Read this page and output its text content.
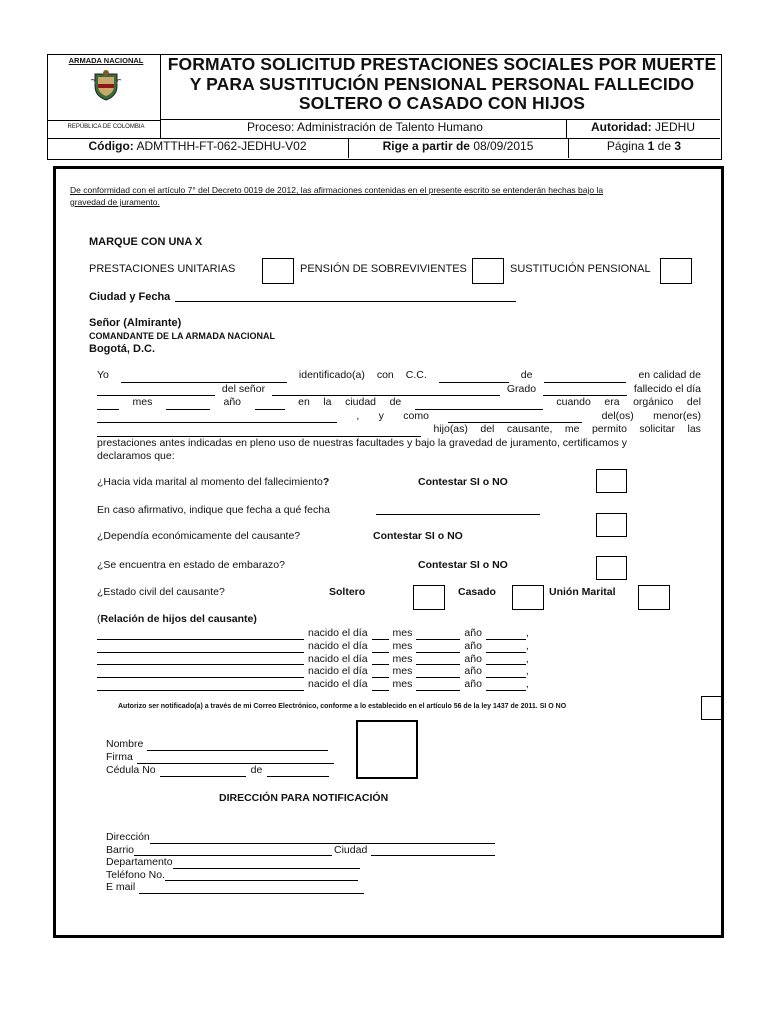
ARMADA NACIONAL
REPÚBLICA DE COLOMBIA
FORMATO SOLICITUD PRESTACIONES SOCIALES POR MUERTE
Y PARA SUSTITUCIÓN PENSIONAL PERSONAL FALLECIDO
SOLTERO O CASADO CON HIJOS
Proceso: Administración de Talento Humano	Autoridad: JEDHU
Código: ADMTTHH-FT-062-JEDHU-V02	Rige a partir de 08/09/2015	Página 1 de 3
De conformidad con el artículo 7° del Decreto 0019 de 2012, las afirmaciones contenidas en el presente escrito se entenderán hechas bajo la
gravedad de juramento.
MARQUE CON UNA X
PRESTACIONES UNITARIAS	PENSIÓN DE SOBREVIVIENTES	SUSTITUCIÓN PENSIONAL
Ciudad y Fecha
Señor (Almirante)
COMANDANTE DE LA ARMADA NACIONAL
Bogotá, D.C.
Yo	identificado(a) con C.C.	de	en calidad de
del señor	Grado	fallecido el día
mes	año	en la ciudad de	cuando era orgánico del
, y como	del(os) menor(es)
hijo(as) del causante, me permito solicitar las
prestaciones antes indicadas en pleno uso de nuestras facultades y bajo la gravedad de juramento, certificamos y
declaramos que:
¿Hacia vida marital al momento del fallecimiento?	Contestar SI o NO
En caso afirmativo, indique que fecha a qué fecha
¿Dependía económicamente del causante?	Contestar SI o NO
¿Se encuentra en estado de embarazo?	Contestar SI o NO
¿Estado civil del causante?	Soltero	Casado	Unión Marital
(Relación de hijos del causante)
nacido el día mes	año	,
nacido el día mes	año	,
nacido el día mes	año	,
nacido el día mes	año	,
nacido el día mes	año	,
Autorizo ser notificado(a) a través de mi Correo Electrónico, conforme a lo establecido en el artículo 56 de la ley 1437 de 2011. SI O NO
Nombre
Firma
Cédula No	de
DIRECCIÓN PARA NOTIFICACIÓN
Dirección
Barrio	Ciudad
Departamento
Teléfono No.
E mail
